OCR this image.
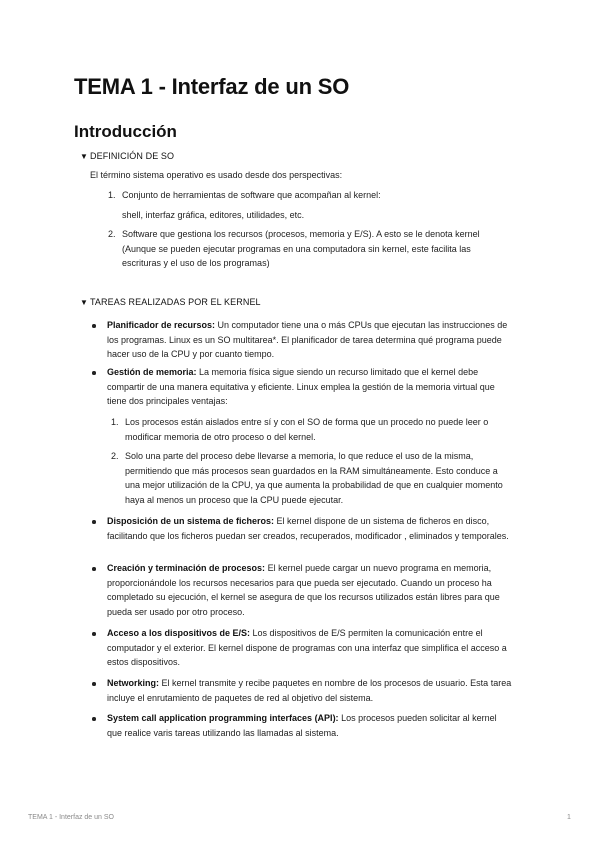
TEMA 1 - Interfaz de un SO
Introducción
▼ DEFINICIÓN DE SO
El término sistema operativo es usado desde dos perspectivas:
1. Conjunto de herramientas de software que acompañan al kernel:
shell, interfaz gráfica, editores, utilidades, etc.
2. Software que gestiona los recursos (procesos, memoria y E/S). A esto se le denota kernel (Aunque se pueden ejecutar programas en una computadora sin kernel, este facilita las escrituras y el uso de los programas)
▼ TAREAS REALIZADAS POR EL KERNEL
Planificador de recursos: Un computador tiene una o más CPUs que ejecutan las instrucciones de los programas. Linux es un SO multitarea*. El planificador de tarea determina qué programa puede hacer uso de la CPU y por cuanto tiempo.
Gestión de memoria: La memoria física sigue siendo un recurso limitado que el kernel debe compartir de una manera equitativa y eficiente. Linux emplea la gestión de la memoria virtual que tiene dos principales ventajas:
1. Los procesos están aislados entre sí y con el SO de forma que un procedo no puede leer o modificar memoria de otro proceso o del kernel.
2. Solo una parte del proceso debe llevarse a memoria, lo que reduce el uso de la misma, permitiendo que más procesos sean guardados en la RAM simultáneamente. Esto conduce a una mejor utilización de la CPU, ya que aumenta la probabilidad de que en cualquier momento haya al menos un proceso que la CPU puede ejecutar.
Disposición de un sistema de ficheros: El kernel dispone de un sistema de ficheros en disco, facilitando que los ficheros puedan ser creados, recuperados, modificador , eliminados y temporales.
Creación y terminación de procesos: El kernel puede cargar un nuevo programa en memoria, proporcionándole los recursos necesarios para que pueda ser ejecutado. Cuando un proceso ha completado su ejecución, el kernel se asegura de que los recursos utilizados están libres para que pueda ser usado por otro proceso.
Acceso a los dispositivos de E/S: Los dispositivos de E/S permiten la comunicación entre el computador y el exterior. El kernel dispone de programas con una interfaz que simplifica el acceso a estos dispositivos.
Networking: El kernel transmite y recibe paquetes en nombre de los procesos de usuario. Esta tarea incluye el enrutamiento de paquetes de red al objetivo del sistema.
System call application programming interfaces (API): Los procesos pueden solicitar al kernel que realice varis tareas utilizando las llamadas al sistema.
TEMA 1 - Interfaz de un SO	1
